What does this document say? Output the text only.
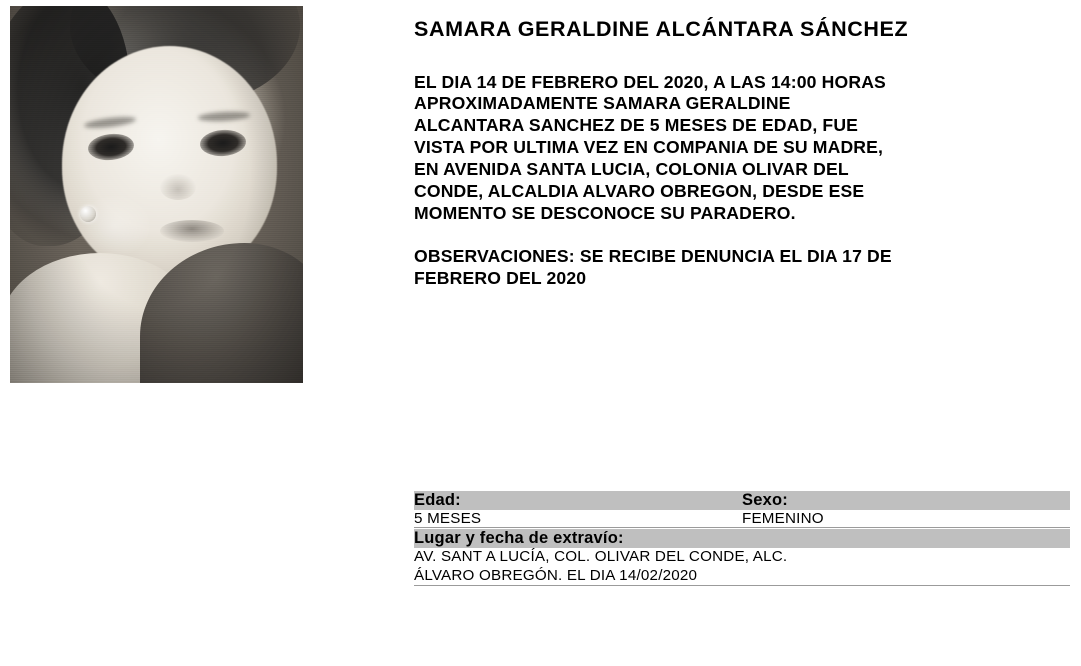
SAMARA GERALDINE ALCÁNTARA SÁNCHEZ

EL DIA 14 DE FEBRERO DEL 2020, A LAS 14:00 HORAS
APROXIMADAMENTE SAMARA GERALDINE
ALCANTARA SANCHEZ DE 5 MESES DE EDAD, FUE
VISTA POR ULTIMA VEZ EN COMPANIA DE SU MADRE,
EN AVENIDA SANTA LUCIA, COLONIA OLIVAR DEL
CONDE, ALCALDIA ALVARO OBREGON, DESDE ESE
MOMENTO SE DESCONOCE SU PARADERO.

OBSERVACIONES: SE RECIBE DENUNCIA EL DIA 17 DE
FEBRERO DEL 2020

Edad:	Sexo:
5 MESES	FEMENINO

Lugar y fecha de extravío:	

AV. SANT A LUCÍA, COL. OLIVAR DEL CONDE, ALC.
ÁLVARO OBREGÓN. EL DIA 14/02/2020	
